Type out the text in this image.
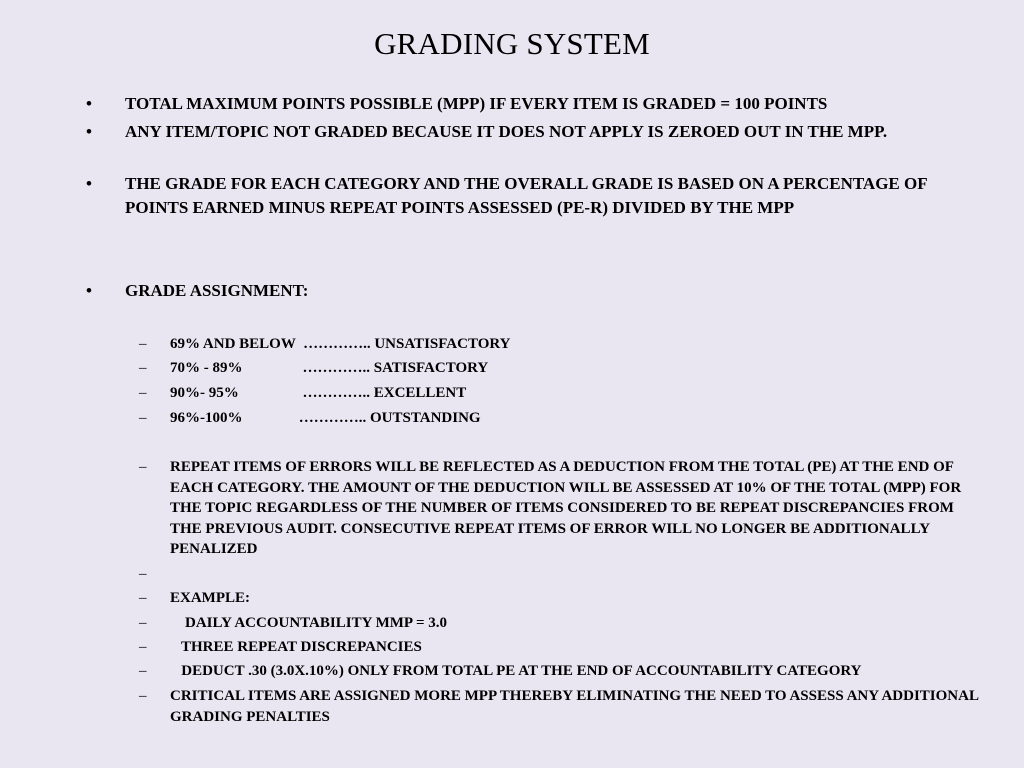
GRADING SYSTEM
• TOTAL MAXIMUM POINTS POSSIBLE (MPP) IF EVERY ITEM IS GRADED = 100 POINTS
• ANY ITEM/TOPIC NOT GRADED BECAUSE IT DOES NOT APPLY IS ZEROED OUT IN THE MPP.
• THE GRADE FOR EACH CATEGORY AND THE OVERALL GRADE IS BASED ON A PERCENTAGE OF POINTS EARNED MINUS REPEAT POINTS ASSESSED (PE-R) DIVIDED BY THE MPP
• GRADE ASSIGNMENT:
– 69% AND BELOW  ………….. UNSATISFACTORY
– 70% - 89%                ………….. SATISFACTORY
– 90%- 95%                 ………….. EXCELLENT
– 96%-100%               ………….. OUTSTANDING
– REPEAT ITEMS OF ERRORS WILL BE REFLECTED AS A DEDUCTION FROM THE TOTAL (PE) AT THE END OF EACH CATEGORY. THE AMOUNT OF THE DEDUCTION WILL BE ASSESSED AT 10% OF THE TOTAL (MPP) FOR THE TOPIC REGARDLESS OF THE NUMBER OF ITEMS CONSIDERED TO BE REPEAT DISCREPANCIES FROM THE PREVIOUS AUDIT. CONSECUTIVE REPEAT ITEMS OF ERROR WILL NO LONGER BE ADDITIONALLY PENALIZED
–
– EXAMPLE:
– DAILY ACCOUNTABILITY MMP = 3.0
– THREE REPEAT DISCREPANCIES
– DEDUCT .30 (3.0X.10%) ONLY FROM TOTAL PE AT THE END OF ACCOUNTABILITY CATEGORY
– CRITICAL ITEMS ARE ASSIGNED MORE MPP THEREBY ELIMINATING THE NEED TO ASSESS ANY ADDITIONAL GRADING PENALTIES
